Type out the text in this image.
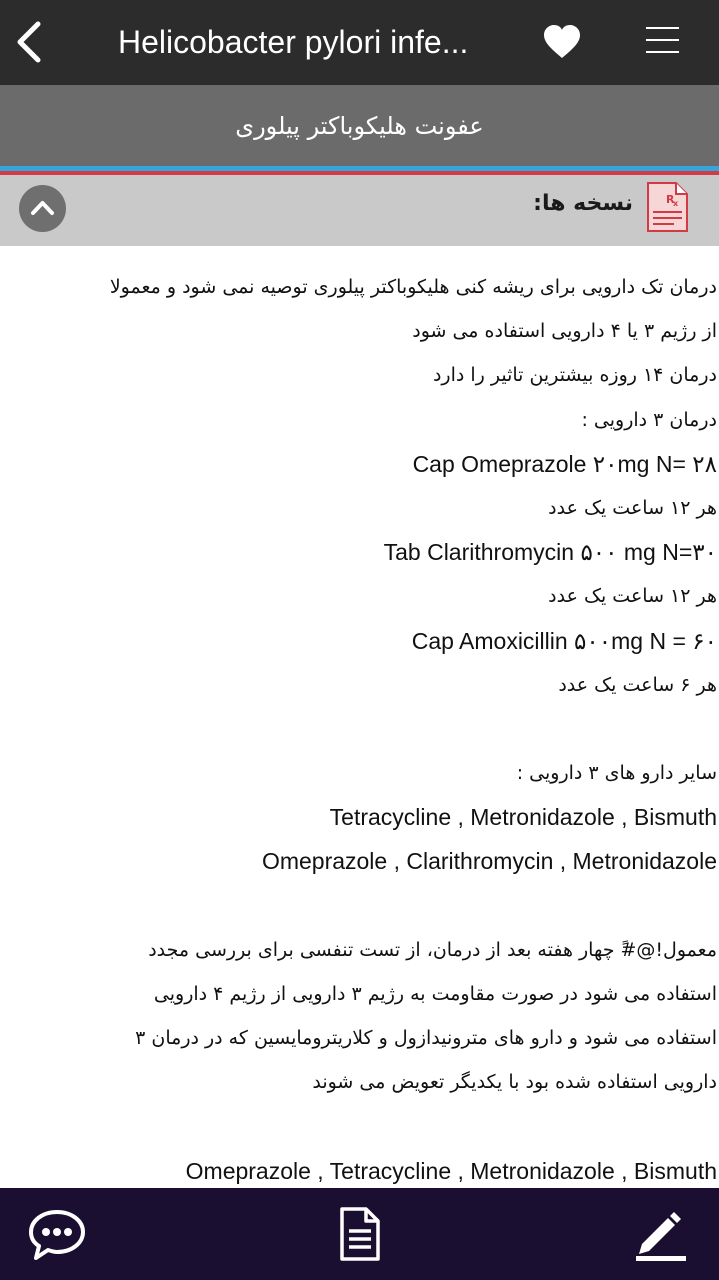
Helicobacter pylori infe...
عفونت هلیکوباکتر پیلوری
نسخه ها:	R
x
درمان تک دارویی برای ریشه کنی هلیکوباکتر پیلوری توصیه نمی شود و معمولا
از رژیم ۳ یا ۴ دارویی استفاده می شود
درمان ۱۴ روزه بیشترین تاثیر را دارد
درمان ۳ دارویی :
Cap Omeprazole ۲۰mg N= ۲۸
هر ۱۲ ساعت یک عدد
Tab Clarithromycin ۵۰۰ mg N=۳۰
هر ۱۲ ساعت یک عدد
Cap Amoxicillin ۵۰۰mg N = ۶۰
هر ۶ ساعت یک عدد
سایر دارو های ۳ دارویی :
Tetracycline , Metronidazole , Bismuth
Omeprazole , Clarithromycin , Metronidazole
معمول!@#ً چهار هفته بعد از درمان، از تست تنفسی برای بررسی مجدد
استفاده می شود در صورت مقاومت به رژیم ۳ دارویی از رژیم ۴ دارویی
استفاده می شود و دارو های مترونیدازول و کلاریترومایسین که در درمان ۳
دارویی استفاده شده بود با یکدیگر تعویض می شوند
Omeprazole , Tetracycline , Metronidazole , Bismuth
